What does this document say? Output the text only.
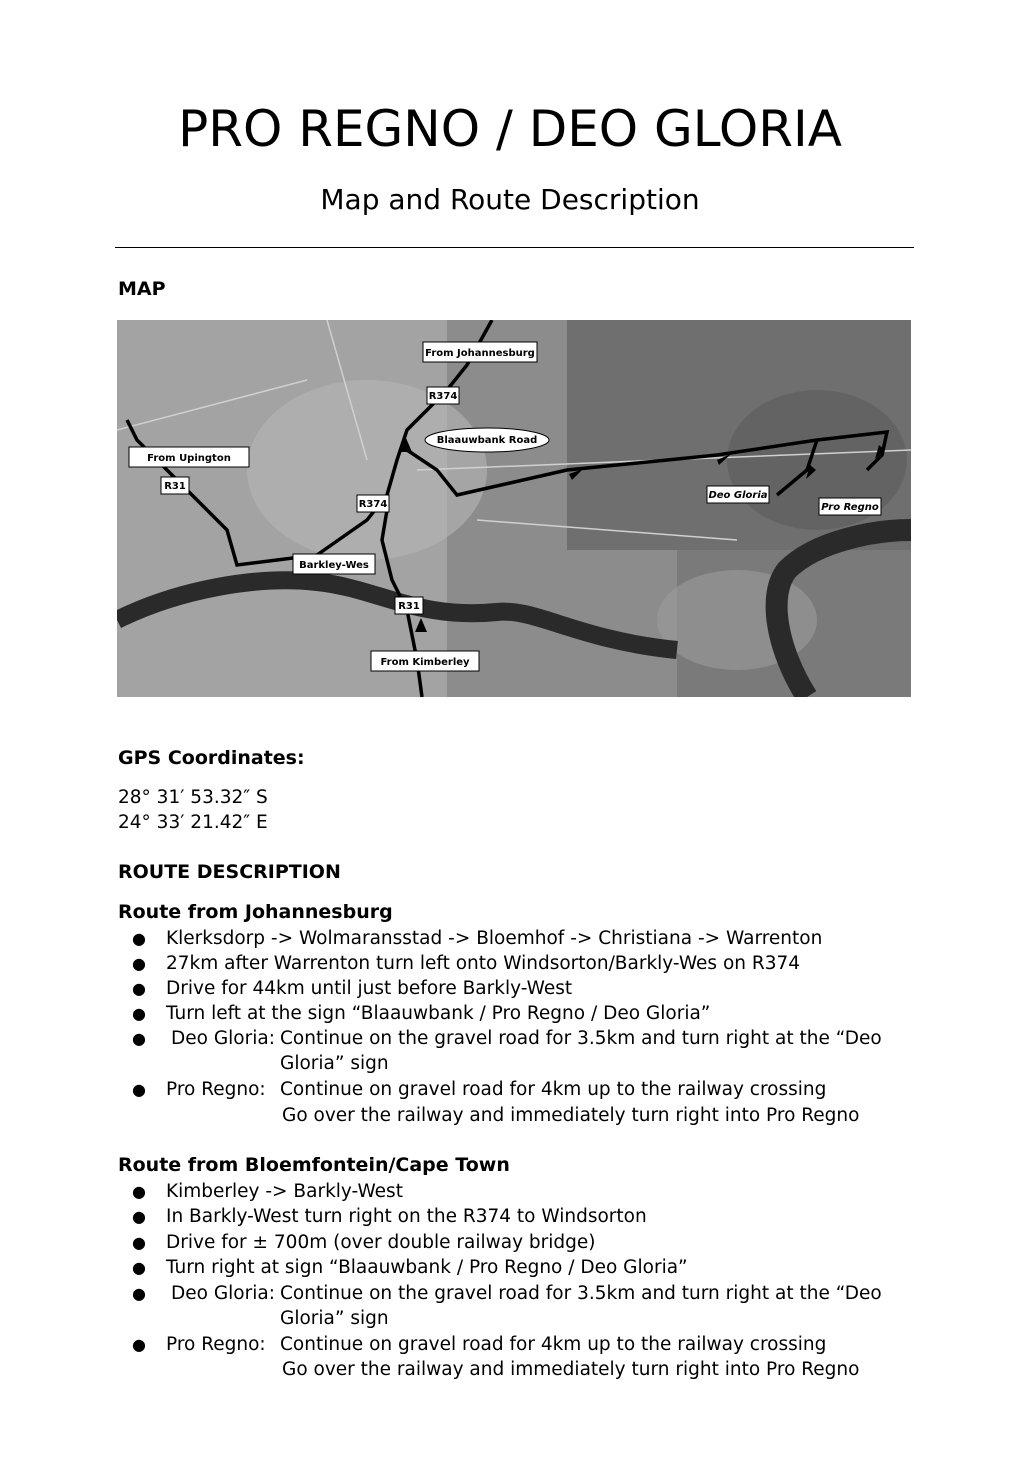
PRO REGNO / DEO GLORIA
Map and Route Description
MAP
From Johannesburg
R374
Blaauwbank Road
From Upington
R31
R374
Deo Gloria
Pro Regno
Barkley-Wes
R31
From Kimberley
GPS Coordinates:
28° 31′ 53.32″ S
24° 33′ 21.42″ E
ROUTE DESCRIPTION
Route from Johannesburg
● Klerksdorp -> Wolmaransstad -> Bloemhof -> Christiana -> Warrenton
● 27km after Warrenton turn left onto Windsorton/Barkly-Wes on R374
● Drive for 44km until just before Barkly-West
● Turn left at the sign “Blaauwbank / Pro Regno / Deo Gloria”
● Deo Gloria: Continue on the gravel road for 3.5km and turn right at the “Deo
Gloria” sign
● Pro Regno: Continue on gravel road for 4km up to the railway crossing
Go over the railway and immediately turn right into Pro Regno
Route from Bloemfontein/Cape Town
● Kimberley -> Barkly-West
● In Barkly-West turn right on the R374 to Windsorton
● Drive for ± 700m (over double railway bridge)
● Turn right at sign “Blaauwbank / Pro Regno / Deo Gloria”
● Deo Gloria: Continue on the gravel road for 3.5km and turn right at the “Deo
Gloria” sign
● Pro Regno: Continue on gravel road for 4km up to the railway crossing
Go over the railway and immediately turn right into Pro Regno
